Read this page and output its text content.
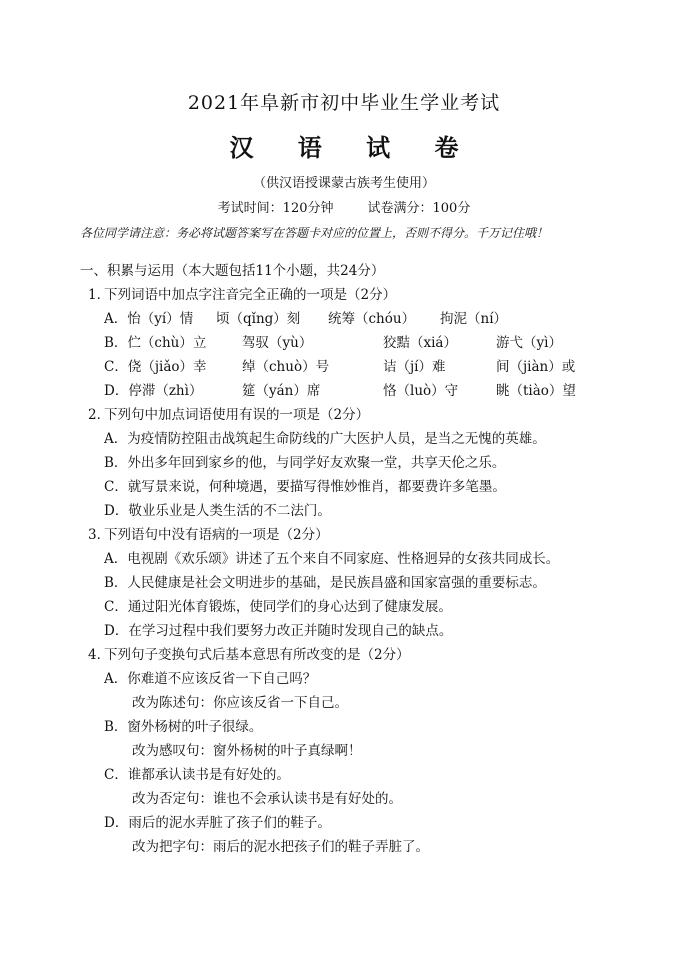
2021年阜新市初中毕业生学业考试
汉 语 试 卷
（供汉语授课蒙古族考生使用）
考试时间：120分钟	试卷满分：100分
各位同学请注意：务必将试题答案写在答题卡对应的位置上，否则不得分。千万记住哦！
一、积累与运用（本大题包括11个小题，共24分）
1．下列词语中加点字注音完全正确的一项是（2分）
A．怡（yí）情 顷（qǐng）刻 统筹（chóu） 拘泥（ní）
B．伫（chù）立	驾驭（yù）	狡黠（xiá）	游弋（yì）
C．侥（jiǎo）幸	绰（chuò）号	诘（jí）难	间（jiàn）或
D．停滞（zhì）	筵（yán）席	恪（luò）守	眺（tiào）望
2．下列句中加点词语使用有误的一项是（2分）
A．为疫情防控阻击战筑起生命防线的广大医护人员，是当之无愧的英雄。
B．外出多年回到家乡的他，与同学好友欢聚一堂，共享天伦之乐。
C．就写景来说，何种境遇，要描写得惟妙惟肖，都要费许多笔墨。
D．敬业乐业是人类生活的不二法门。
3．下列语句中没有语病的一项是（2分）
A．电视剧《欢乐颂》讲述了五个来自不同家庭、性格迥异的女孩共同成长。
B．人民健康是社会文明进步的基础，是民族昌盛和国家富强的重要标志。
C．通过阳光体育锻炼，使同学们的身心达到了健康发展。
D．在学习过程中我们要努力改正并随时发现自己的缺点。
4．下列句子变换句式后基本意思有所改变的是（2分）
A．你难道不应该反省一下自己吗？
改为陈述句：你应该反省一下自己。
B．窗外杨树的叶子很绿。
改为感叹句：窗外杨树的叶子真绿啊！
C．谁都承认读书是有好处的。
改为否定句：谁也不会承认读书是有好处的。
D．雨后的泥水弄脏了孩子们的鞋子。
改为把字句：雨后的泥水把孩子们的鞋子弄脏了。
